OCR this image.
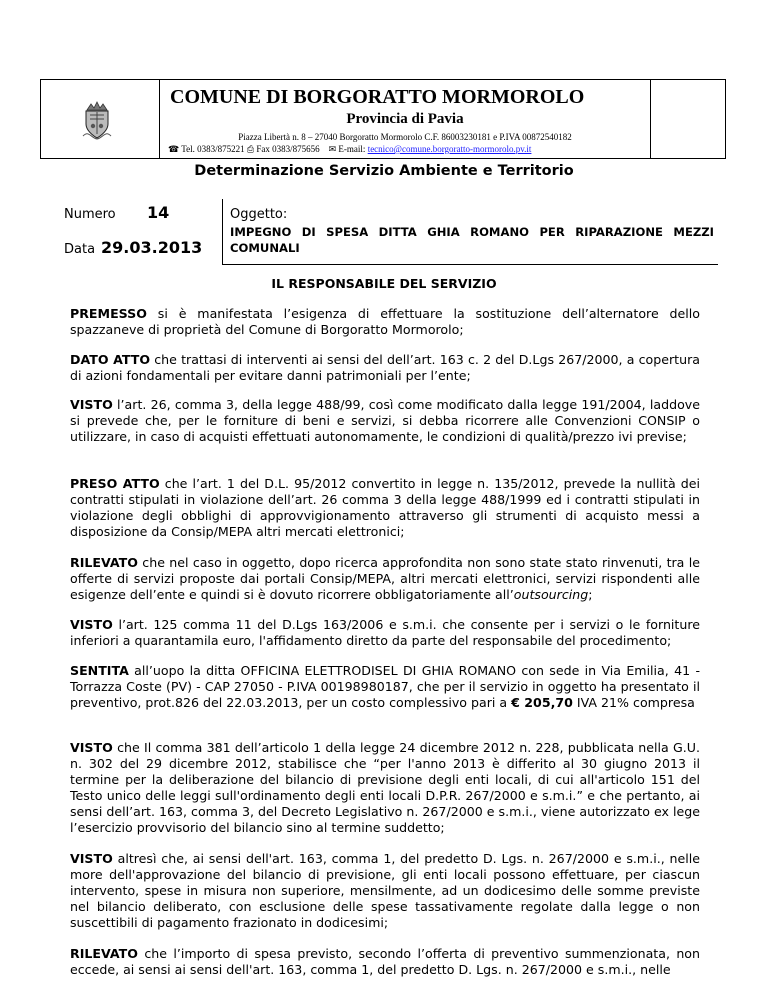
COMUNE DI BORGORATTO MORMOROLO
Provincia di Pavia
Piazza Libertà n. 8 – 27040 Borgoratto Mormorolo C.F. 86003230181 e P.IVA 00872540182
☎ Tel. 0383/875221 ⎙ Fax 0383/875656 ✉ E-mail: tecnico@comune.borgoratto-mormorolo.pv.it
Determinazione Servizio Ambiente e Territorio
Numero 14
Data 29.03.2013
Oggetto:
IMPEGNO DI SPESA DITTA GHIA ROMANO PER RIPARAZIONE MEZZI COMUNALI
IL RESPONSABILE DEL SERVIZIO

PREMESSO si è manifestata l’esigenza di effettuare la sostituzione dell’alternatore dello spazzaneve di proprietà del Comune di Borgoratto Mormorolo;

DATO ATTO che trattasi di interventi ai sensi del dell’art. 163 c. 2 del D.Lgs 267/2000, a copertura di azioni fondamentali per evitare danni patrimoniali per l’ente;

VISTO l’art. 26, comma 3, della legge 488/99, così come modificato dalla legge 191/2004, laddove si prevede che, per le forniture di beni e servizi, si debba ricorrere alle Convenzioni CONSIP o utilizzare, in caso di acquisti effettuati autonomamente, le condizioni di qualità/prezzo ivi previse;

PRESO ATTO che l’art. 1 del D.L. 95/2012 convertito in legge n. 135/2012, prevede la nullità dei contratti stipulati in violazione dell’art. 26 comma 3 della legge 488/1999 ed i contratti stipulati in violazione degli obblighi di approvvigionamento attraverso gli strumenti di acquisto messi a disposizione da Consip/MEPA altri mercati elettronici;

RILEVATO che nel caso in oggetto, dopo ricerca approfondita non sono state stato rinvenuti, tra le offerte di servizi proposte dai portali Consip/MEPA, altri mercati elettronici, servizi rispondenti alle esigenze dell’ente e quindi si è dovuto ricorrere obbligatoriamente all’outsourcing;

VISTO l’art. 125 comma 11 del D.Lgs 163/2006 e s.m.i. che consente per i servizi o le forniture inferiori a quarantamila euro, l'affidamento diretto da parte del responsabile del procedimento;

SENTITA all’uopo la ditta OFFICINA ELETTRODISEL DI GHIA ROMANO con sede in Via Emilia, 41 - Torrazza Coste (PV) - CAP 27050 - P.IVA 00198980187, che per il servizio in oggetto ha presentato il preventivo, prot.826 del 22.03.2013, per un costo complessivo pari a € 205,70 IVA 21% compresa

VISTO che Il comma 381 dell’articolo 1 della legge 24 dicembre 2012 n. 228, pubblicata nella G.U. n. 302 del 29 dicembre 2012, stabilisce che “per l'anno 2013 è differito al 30 giugno 2013 il termine per la deliberazione del bilancio di previsione degli enti locali, di cui all'articolo 151 del Testo unico delle leggi sull'ordinamento degli enti locali D.P.R. 267/2000 e s.m.i.” e che pertanto, ai sensi dell’art. 163, comma 3, del Decreto Legislativo n. 267/2000 e s.m.i., viene autorizzato ex lege l’esercizio provvisorio del bilancio sino al termine suddetto;

VISTO altresì che, ai sensi dell'art. 163, comma 1, del predetto D. Lgs. n. 267/2000 e s.m.i., nelle more dell'approvazione del bilancio di previsione, gli enti locali possono effettuare, per ciascun intervento, spese in misura non superiore, mensilmente, ad un dodicesimo delle somme previste nel bilancio deliberato, con esclusione delle spese tassativamente regolate dalla legge o non suscettibili di pagamento frazionato in dodicesimi;

RILEVATO che l’importo di spesa previsto, secondo l’offerta di preventivo summenzionata, non eccede, ai sensi ai sensi dell'art. 163, comma 1, del predetto D. Lgs. n. 267/2000 e s.m.i., nelle
